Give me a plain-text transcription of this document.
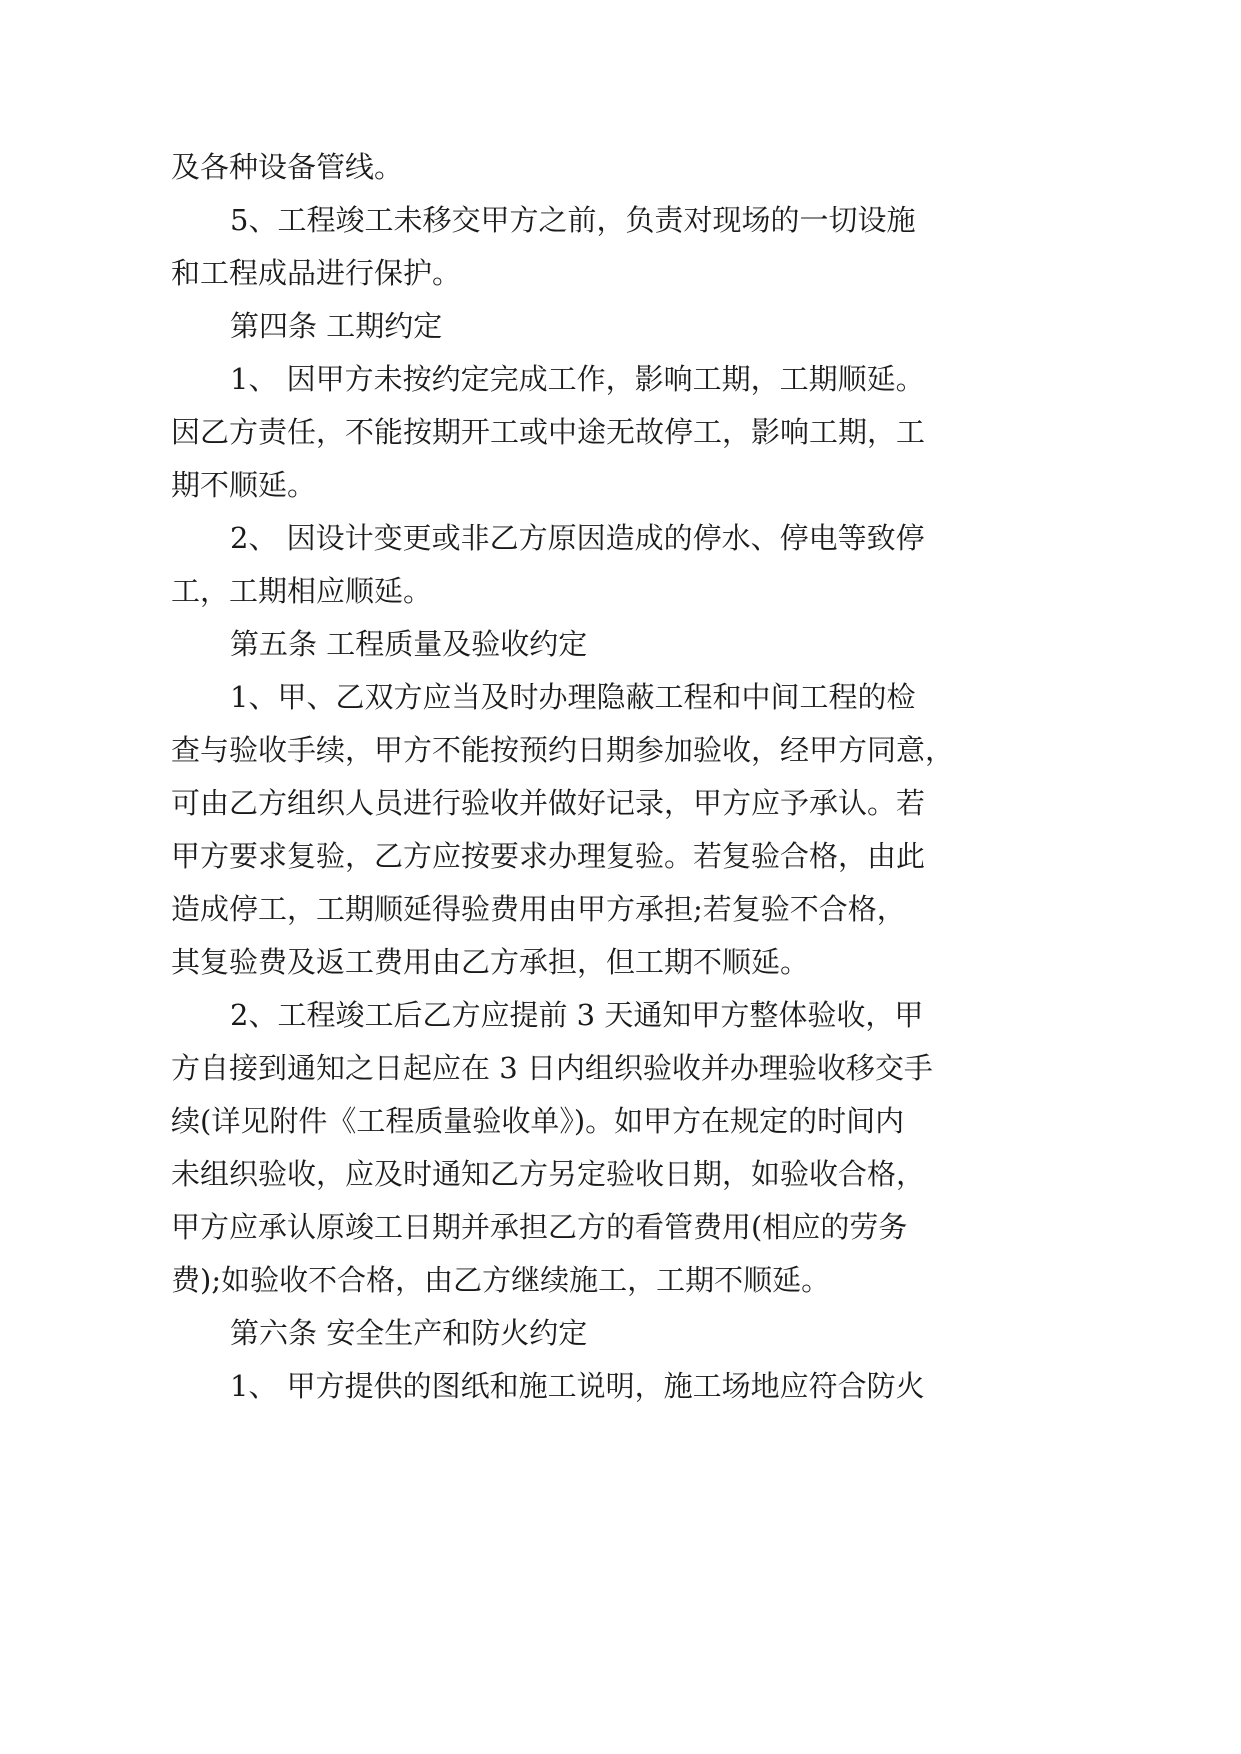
及各种设备管线。
5、工程竣工未移交甲方之前，负责对现场的一切设施
和工程成品进行保护。
第四条 工期约定
1、 因甲方未按约定完成工作，影响工期，工期顺延。
因乙方责任，不能按期开工或中途无故停工，影响工期，工
期不顺延。
2、 因设计变更或非乙方原因造成的停水、停电等致停
工，工期相应顺延。
第五条 工程质量及验收约定
1、甲、乙双方应当及时办理隐蔽工程和中间工程的检
查与验收手续，甲方不能按预约日期参加验收，经甲方同意，
可由乙方组织人员进行验收并做好记录，甲方应予承认。若
甲方要求复验，乙方应按要求办理复验。若复验合格，由此
造成停工，工期顺延得验费用由甲方承担;若复验不合格，
其复验费及返工费用由乙方承担，但工期不顺延。
2、工程竣工后乙方应提前 3 天通知甲方整体验收，甲
方自接到通知之日起应在 3 日内组织验收并办理验收移交手
续(详见附件《工程质量验收单》)。如甲方在规定的时间内
未组织验收，应及时通知乙方另定验收日期，如验收合格，
甲方应承认原竣工日期并承担乙方的看管费用(相应的劳务
费);如验收不合格，由乙方继续施工，工期不顺延。
第六条 安全生产和防火约定
1、 甲方提供的图纸和施工说明，施工场地应符合防火
